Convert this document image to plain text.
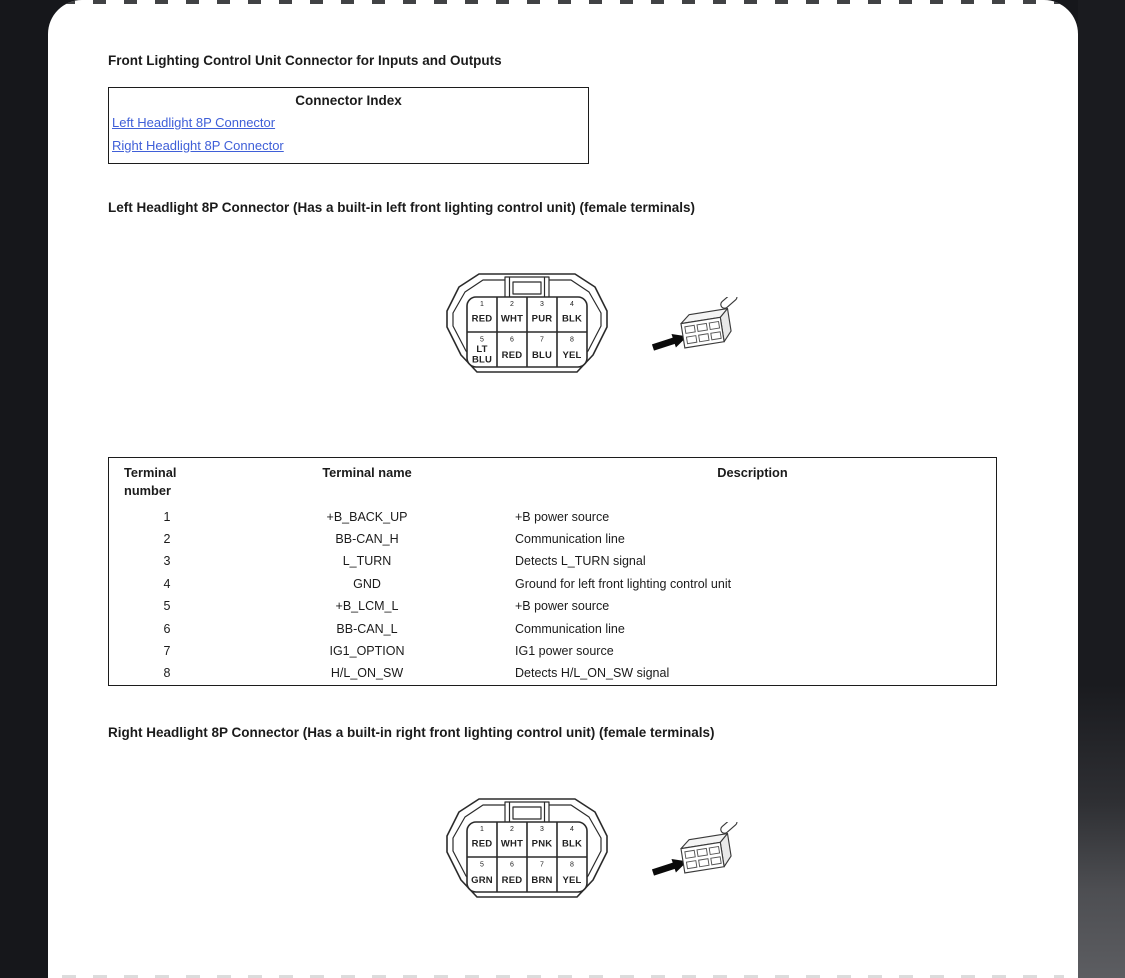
Front Lighting Control Unit Connector for Inputs and Outputs
Connector Index
Left Headlight 8P Connector
Right Headlight 8P Connector
Left Headlight 8P Connector (Has a built-in left front lighting control unit) (female terminals)
1
RED
2
WHT
3
PUR
4
BLK
5
LT
BLU
6
RED
7
BLU
8
YEL
Terminal number	Terminal name	Description
1	+B_BACK_UP	+B power source
2	BB-CAN_H	Communication line
3	L_TURN	Detects L_TURN signal
4	GND	Ground for left front lighting control unit
5	+B_LCM_L	+B power source
6	BB-CAN_L	Communication line
7	IG1_OPTION	IG1 power source
8	H/L_ON_SW	Detects H/L_ON_SW signal
Right Headlight 8P Connector (Has a built-in right front lighting control unit) (female terminals)
1
RED
2
WHT
3
PNK
4
BLK
5
GRN
6
RED
7
BRN
8
YEL
